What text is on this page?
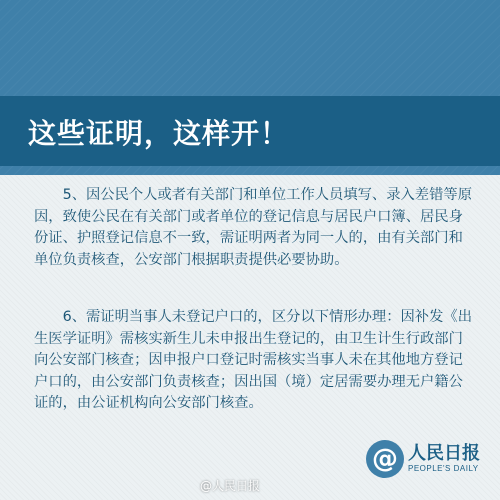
这些证明，这样开！

5、因公民个人或者有关部门和单位工作人员填写、录入差错等原因，致使公民在有关部门或者单位的登记信息与居民户口簿、居民身份证、护照登记信息不一致，需证明两者为同一人的，由有关部门和单位负责核查，公安部门根据职责提供必要协助。

6、需证明当事人未登记户口的，区分以下情形办理：因补发《出生医学证明》需核实新生儿未申报出生登记的，由卫生计生行政部门向公安部门核查；因申报户口登记时需核实当事人未在其他地方登记户口的，由公安部门负责核查；因出国（境）定居需要办理无户籍公证的，由公证机构向公安部门核查。

@ 人民日报
PEOPLE'S DAILY
@人民日报
